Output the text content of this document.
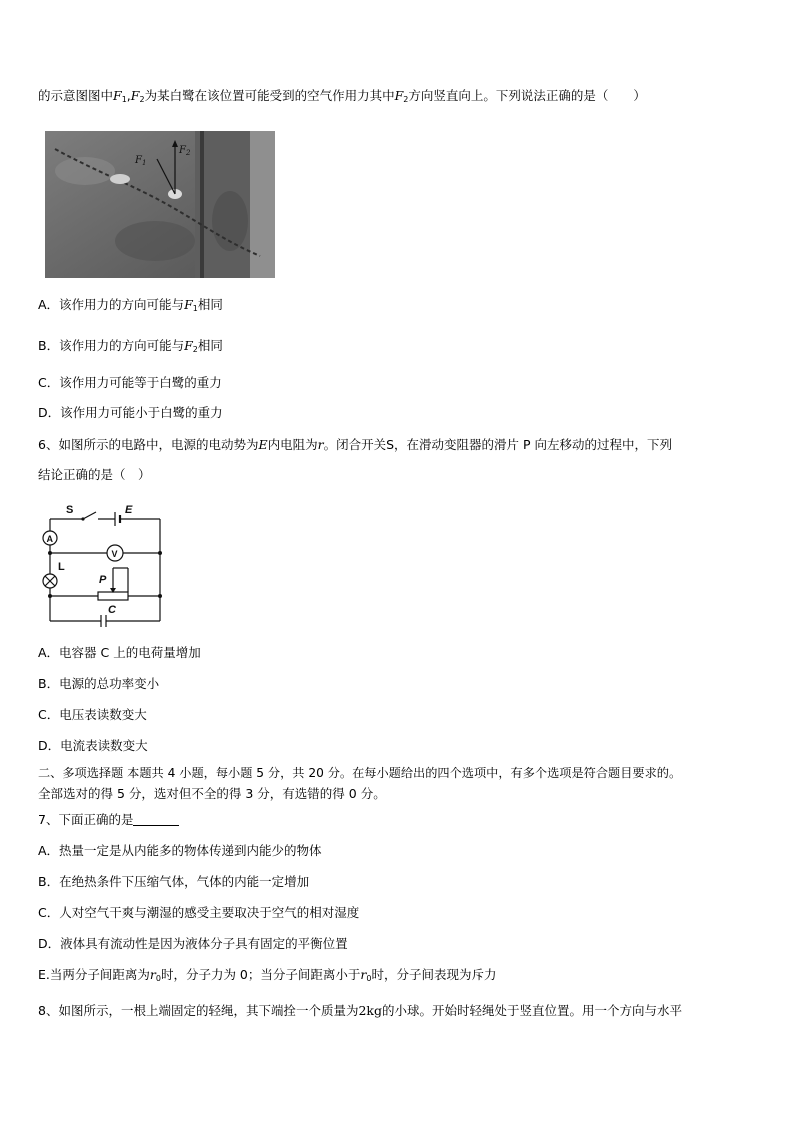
的示意图图中$F_1,F_2$为某白鹭在该位置可能受到的空气作用力其中$F_2$方向竖直向上。下列说法正确的是（　　）
$F_1$
$F_2$
A．该作用力的方向可能与$F_1$相同
B．该作用力的方向可能与$F_2$相同
C．该作用力可能等于白鹭的重力
D．该作用力可能小于白鹭的重力
6、如图所示的电路中，电源的电动势为E内电阻为r。闭合开关S，在滑动变阻器的滑片 P 向左移动的过程中，下列
结论正确的是（　）
S	E
A
V
L
P
C
A．电容器 C 上的电荷量增加
B．电源的总功率变小
C．电压表读数变大
D．电流表读数变大
二、多项选择题 本题共 4 小题，每小题 5 分，共 20 分。在每小题给出的四个选项中，有多个选项是符合题目要求的。
全部选对的得 5 分，选对但不全的得 3 分，有选错的得 0 分。
7、下面正确的是
A．热量一定是从内能多的物体传递到内能少的物体
B．在绝热条件下压缩气体，气体的内能一定增加
C．人对空气干爽与潮湿的感受主要取决于空气的相对湿度
D．液体具有流动性是因为液体分子具有固定的平衡位置
E.当两分子间距离为$r_0$时，分子力为 0；当分子间距离小于$r_0$时，分子间表现为斥力
8、如图所示，一根上端固定的轻绳，其下端拴一个质量为2kg的小球。开始时轻绳处于竖直位置。用一个方向与水平
